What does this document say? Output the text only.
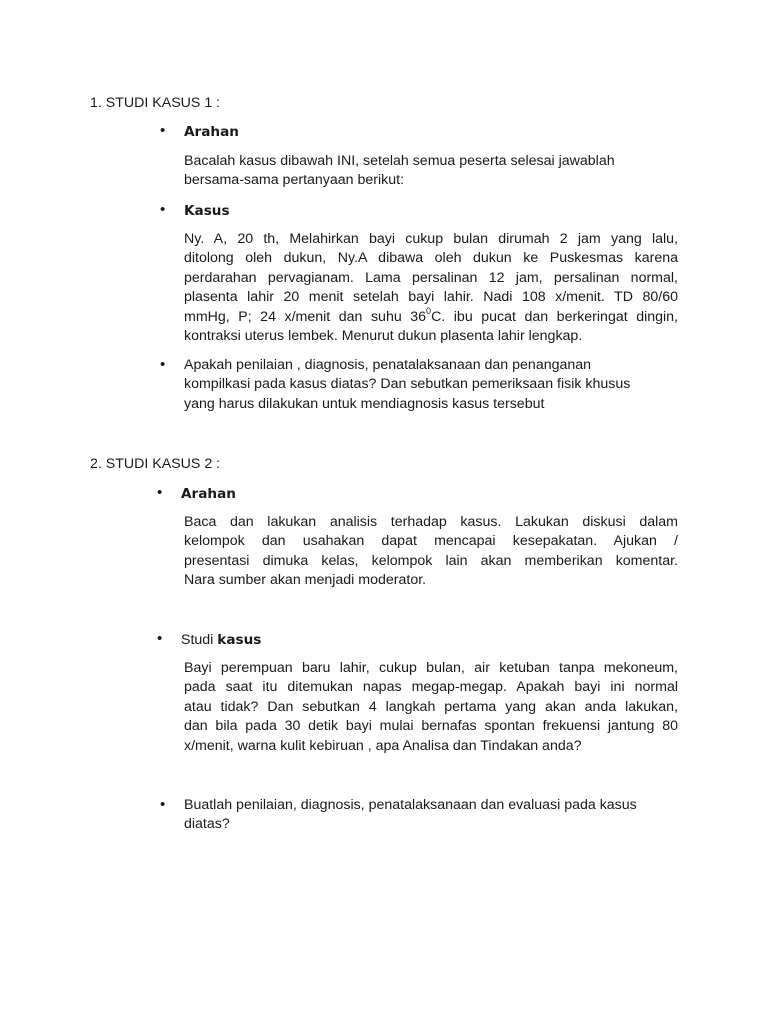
1. STUDI KASUS 1 :
• Arahan
Bacalah kasus dibawah INI, setelah semua peserta selesai jawablah
bersama-sama pertanyaan berikut:
• Kasus
Ny. A, 20 th, Melahirkan bayi cukup bulan dirumah 2 jam yang lalu,
ditolong oleh dukun, Ny.A dibawa oleh dukun ke Puskesmas karena
perdarahan pervagianam. Lama persalinan 12 jam, persalinan normal,
plasenta lahir 20 menit setelah bayi lahir. Nadi 108 x/menit. TD 80/60
mmHg, P; 24 x/menit dan suhu $36^0C$. ibu pucat dan berkeringat dingin,
kontraksi uterus lembek. Menurut dukun plasenta lahir lengkap.
• Apakah penilaian , diagnosis, penatalaksanaan dan penanganan
kompilkasi pada kasus diatas? Dan sebutkan pemeriksaan fisik khusus
yang harus dilakukan untuk mendiagnosis kasus tersebut
2. STUDI KASUS 2 :
• Arahan
Baca dan lakukan analisis terhadap kasus. Lakukan diskusi dalam
kelompok dan usahakan dapat mencapai kesepakatan. Ajukan /
presentasi dimuka kelas, kelompok lain akan memberikan komentar.
Nara sumber akan menjadi moderator.
• Studi kasus
Bayi perempuan baru lahir, cukup bulan, air ketuban tanpa mekoneum,
pada saat itu ditemukan napas megap-megap. Apakah bayi ini normal
atau tidak? Dan sebutkan 4 langkah pertama yang akan anda lakukan,
dan bila pada 30 detik bayi mulai bernafas spontan frekuensi jantung 80
x/menit, warna kulit kebiruan , apa Analisa dan Tindakan anda?
• Buatlah penilaian, diagnosis, penatalaksanaan dan evaluasi pada kasus
diatas?
